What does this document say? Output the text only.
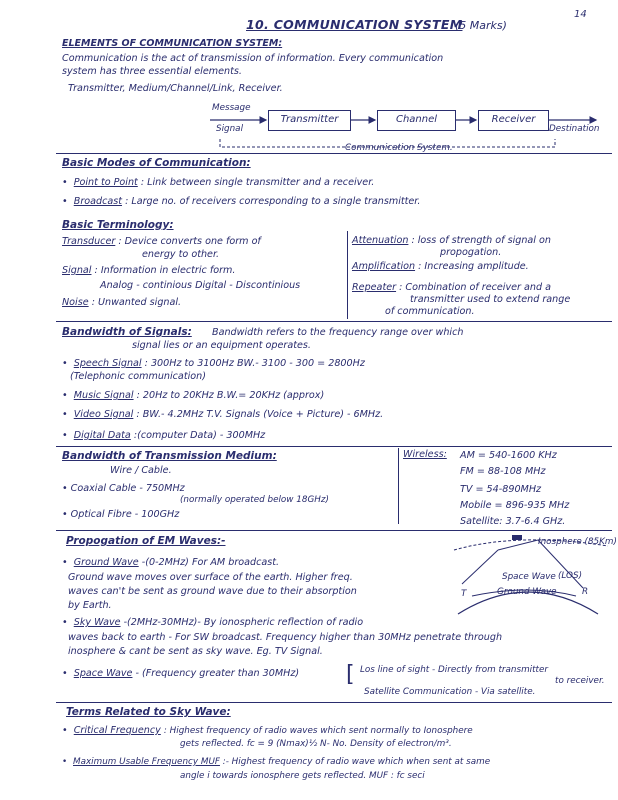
14
10. COMMUNICATION SYSTEM
(5 Marks)
ELEMENTS OF COMMUNICATION SYSTEM:
Communication is the act of transmission of information. Every communication
system has three essential elements.
Transmitter, Medium/Channel/Link, Receiver.
Message
Signal
Transmitter	Channel	Receiver
Destination
Communication System.
Basic Modes of Communication:
• Point to Point : Link between single transmitter and a receiver.
• Broadcast : Large no. of receivers corresponding to a single transmitter.
Basic Terminology:
Transducer : Device converts one form of
energy to other.
Signal : Information in electric form.
Analog - continious Digital - Discontinious
Noise : Unwanted signal.
Attenuation : loss of strength of signal on
propogation.
Amplification : Increasing amplitude.
Repeater : Combination of receiver and a
transmitter used to extend range
of communication.
Bandwidth of Signals: Bandwidth refers to the frequency range over which
signal lies or an equipment operates.
• Speech Signal : 300Hz to 3100Hz BW.- 3100 - 300 = 2800Hz
(Telephonic communication)
• Music Signal : 20Hz to 20KHz B.W.= 20KHz (approx)
• Video Signal : BW.- 4.2MHz T.V. Signals (Voice + Picture) - 6MHz.
• Digital Data :(computer Data) - 300MHz
Bandwidth of Transmission Medium:
Wire / Cable.
• Coaxial Cable - 750MHz
(normally operated below 18GHz)
• Optical Fibre - 100GHz
Wireless: AM = 540-1600 KHz
FM = 88-108 MHz
TV = 54-890MHz
Mobile = 896-935 MHz
Satellite: 3.7-6.4 GHz.
Propogation of EM Waves:-
• Ground Wave -(0-2MHz) For AM broadcast.
Ground wave moves over surface of the earth. Higher freq.
waves can't be sent as ground wave due to their absorption
by Earth.
Inosphere (85Km)
Space Wave (LOS)
Ground Wave
T	R
• Sky Wave -(2MHz-30MHz)- By ionospheric reflection of radio
waves back to earth - For SW broadcast. Frequency higher than 30MHz penetrate through
inosphere & cant be sent as sky wave. Eg. TV Signal.
• Space Wave - (Frequency greater than 30MHz) [ Los line of sight - Directly from transmitter
to receiver.
Satellite Communication - Via satellite.
Terms Related to Sky Wave:
• Critical Frequency : Highest frequency of radio waves which sent normally to Ionosphere
gets reflected. fc = 9 (Nmax)½ N- No. Density of electron/m³.
• Maximum Usable Frequency MUF :- Highest frequency of radio wave which when sent at same
angle i towards ionosphere gets reflected. MUF : fc seci
